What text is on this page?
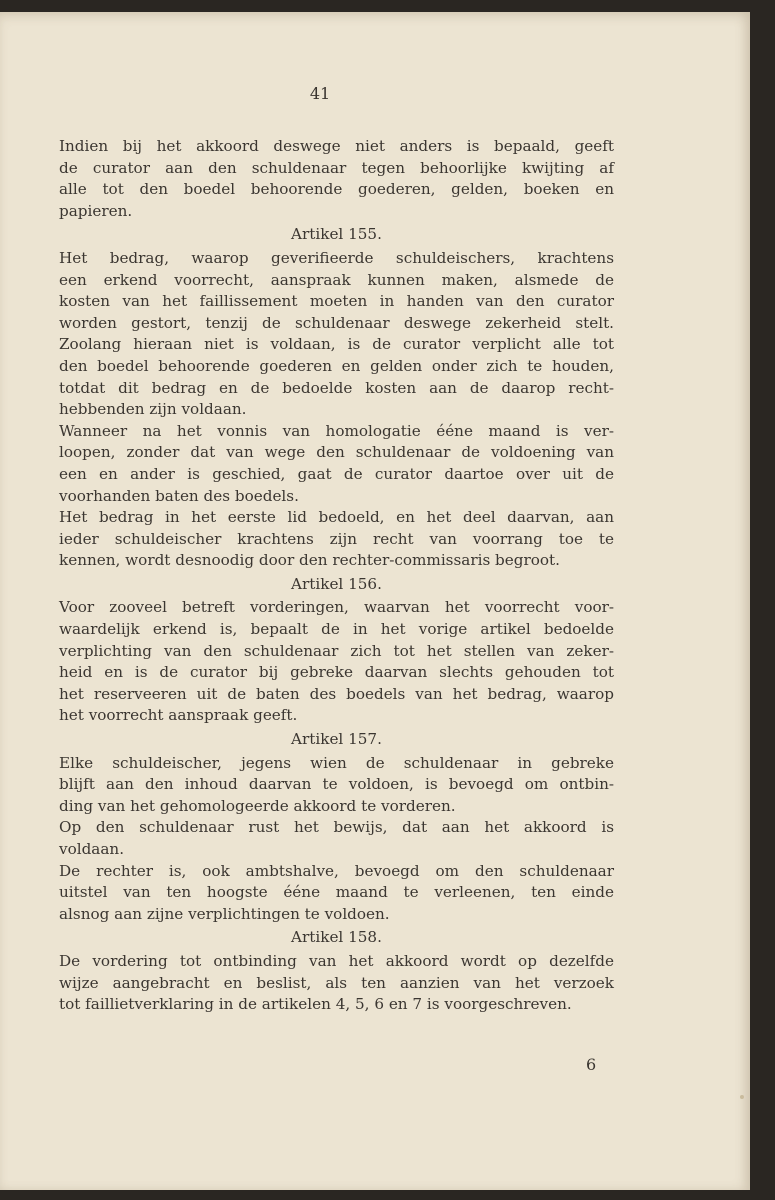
41
Indien bij het akkoord deswege niet anders is bepaald, geeft
de curator aan den schuldenaar tegen behoorlijke kwijting af
alle tot den boedel behoorende goederen, gelden, boeken en
papieren.
Artikel 155.
Het bedrag, waarop geverifieerde schuldeischers, krachtens
een erkend voorrecht, aanspraak kunnen maken, alsmede de
kosten van het faillissement moeten in handen van den curator
worden gestort, tenzij de schuldenaar deswege zekerheid stelt.
Zoolang hieraan niet is voldaan, is de curator verplicht alle tot
den boedel behoorende goederen en gelden onder zich te houden,
totdat dit bedrag en de bedoelde kosten aan de daarop recht-
hebbenden zijn voldaan.
Wanneer na het vonnis van homologatie ééne maand is ver-
loopen, zonder dat van wege den schuldenaar de voldoening van
een en ander is geschied, gaat de curator daartoe over uit de
voorhanden baten des boedels.
Het bedrag in het eerste lid bedoeld, en het deel daarvan, aan
ieder schuldeischer krachtens zijn recht van voorrang toe te
kennen, wordt desnoodig door den rechter-commissaris begroot.
Artikel 156.
Voor zooveel betreft vorderingen, waarvan het voorrecht voor-
waardelijk erkend is, bepaalt de in het vorige artikel bedoelde
verplichting van den schuldenaar zich tot het stellen van zeker-
heid en is de curator bij gebreke daarvan slechts gehouden tot
het reserveeren uit de baten des boedels van het bedrag, waarop
het voorrecht aanspraak geeft.
Artikel 157.
Elke schuldeischer, jegens wien de schuldenaar in gebreke
blijft aan den inhoud daarvan te voldoen, is bevoegd om ontbin-
ding van het gehomologeerde akkoord te vorderen.
Op den schuldenaar rust het bewijs, dat aan het akkoord is
voldaan.
De rechter is, ook ambtshalve, bevoegd om den schuldenaar
uitstel van ten hoogste ééne maand te verleenen, ten einde
alsnog aan zijne verplichtingen te voldoen.
Artikel 158.
De vordering tot ontbinding van het akkoord wordt op dezelfde
wijze aangebracht en beslist, als ten aanzien van het verzoek
tot faillietverklaring in de artikelen 4, 5, 6 en 7 is voorgeschreven.
6
